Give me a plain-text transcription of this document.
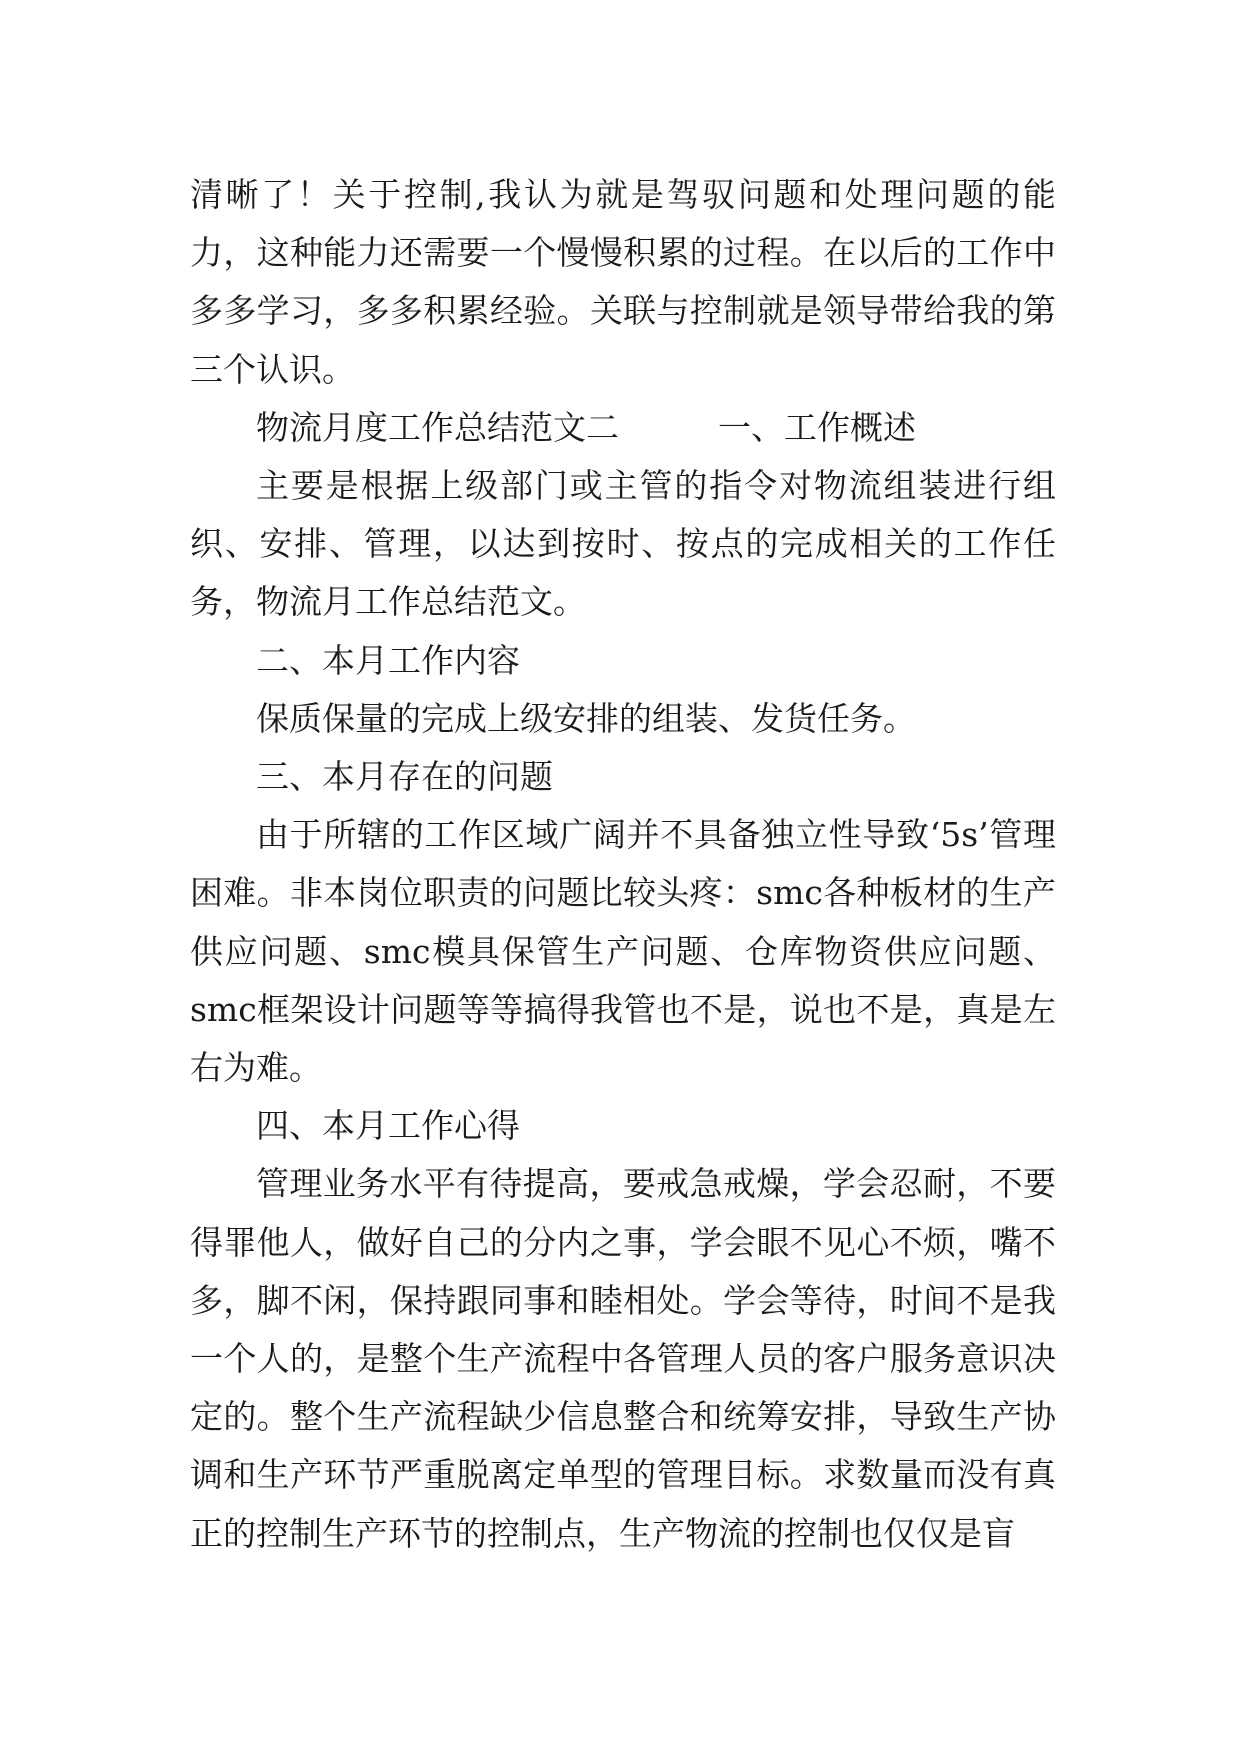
清晰了！关于控制,我认为就是驾驭问题和处理问题的能力，这种能力还需要一个慢慢积累的过程。在以后的工作中多多学习，多多积累经验。关联与控制就是领导带给我的第三个认识。

物流月度工作总结范文二　　　一、工作概述

主要是根据上级部门或主管的指令对物流组装进行组织、安排、管理，以达到按时、按点的完成相关的工作任务，物流月工作总结范文。

二、本月工作内容

保质保量的完成上级安排的组装、发货任务。

三、本月存在的问题

由于所辖的工作区域广阔并不具备独立性导致‘5s’管理困难。非本岗位职责的问题比较头疼：smc各种板材的生产供应问题、smc模具保管生产问题、仓库物资供应问题、smc框架设计问题等等搞得我管也不是，说也不是，真是左右为难。

四、本月工作心得

管理业务水平有待提高，要戒急戒燥，学会忍耐，不要得罪他人，做好自己的分内之事，学会眼不见心不烦，嘴不多，脚不闲，保持跟同事和睦相处。学会等待，时间不是我一个人的，是整个生产流程中各管理人员的客户服务意识决定的。整个生产流程缺少信息整合和统筹安排，导致生产协调和生产环节严重脱离定单型的管理目标。求数量而没有真正的控制生产环节的控制点，生产物流的控制也仅仅是盲
